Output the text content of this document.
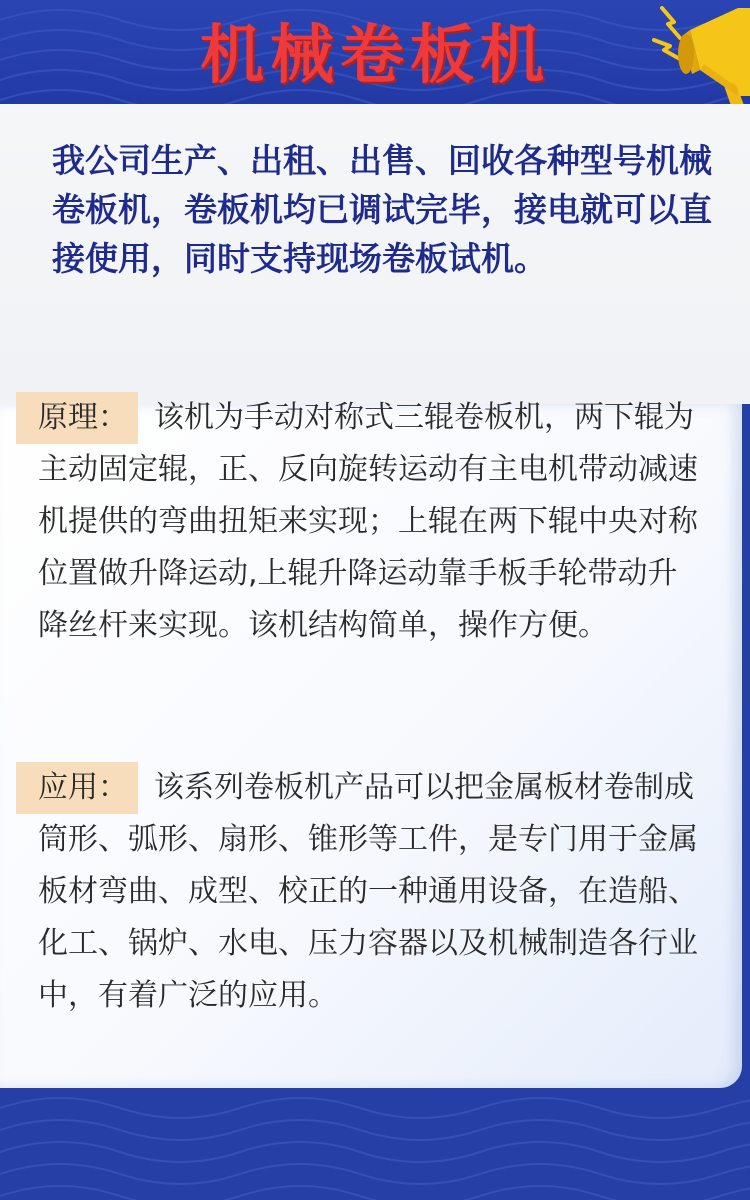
机械卷板机

我公司生产、出租、出售、回收各种型号机械卷板机，卷板机均已调试完毕，接电就可以直接使用，同时支持现场卷板试机。

原理： 该机为手动对称式三辊卷板机，两下辊为主动固定辊，正、反向旋转运动有主电机带动减速机提供的弯曲扭矩来实现；上辊在两下辊中央对称位置做升降运动,上辊升降运动靠手板手轮带动升降丝杆来实现。该机结构简单，操作方便。

应用： 该系列卷板机产品可以把金属板材卷制成筒形、弧形、扇形、锥形等工件，是专门用于金属板材弯曲、成型、校正的一种通用设备，在造船、化工、锅炉、水电、压力容器以及机械制造各行业中，有着广泛的应用。
